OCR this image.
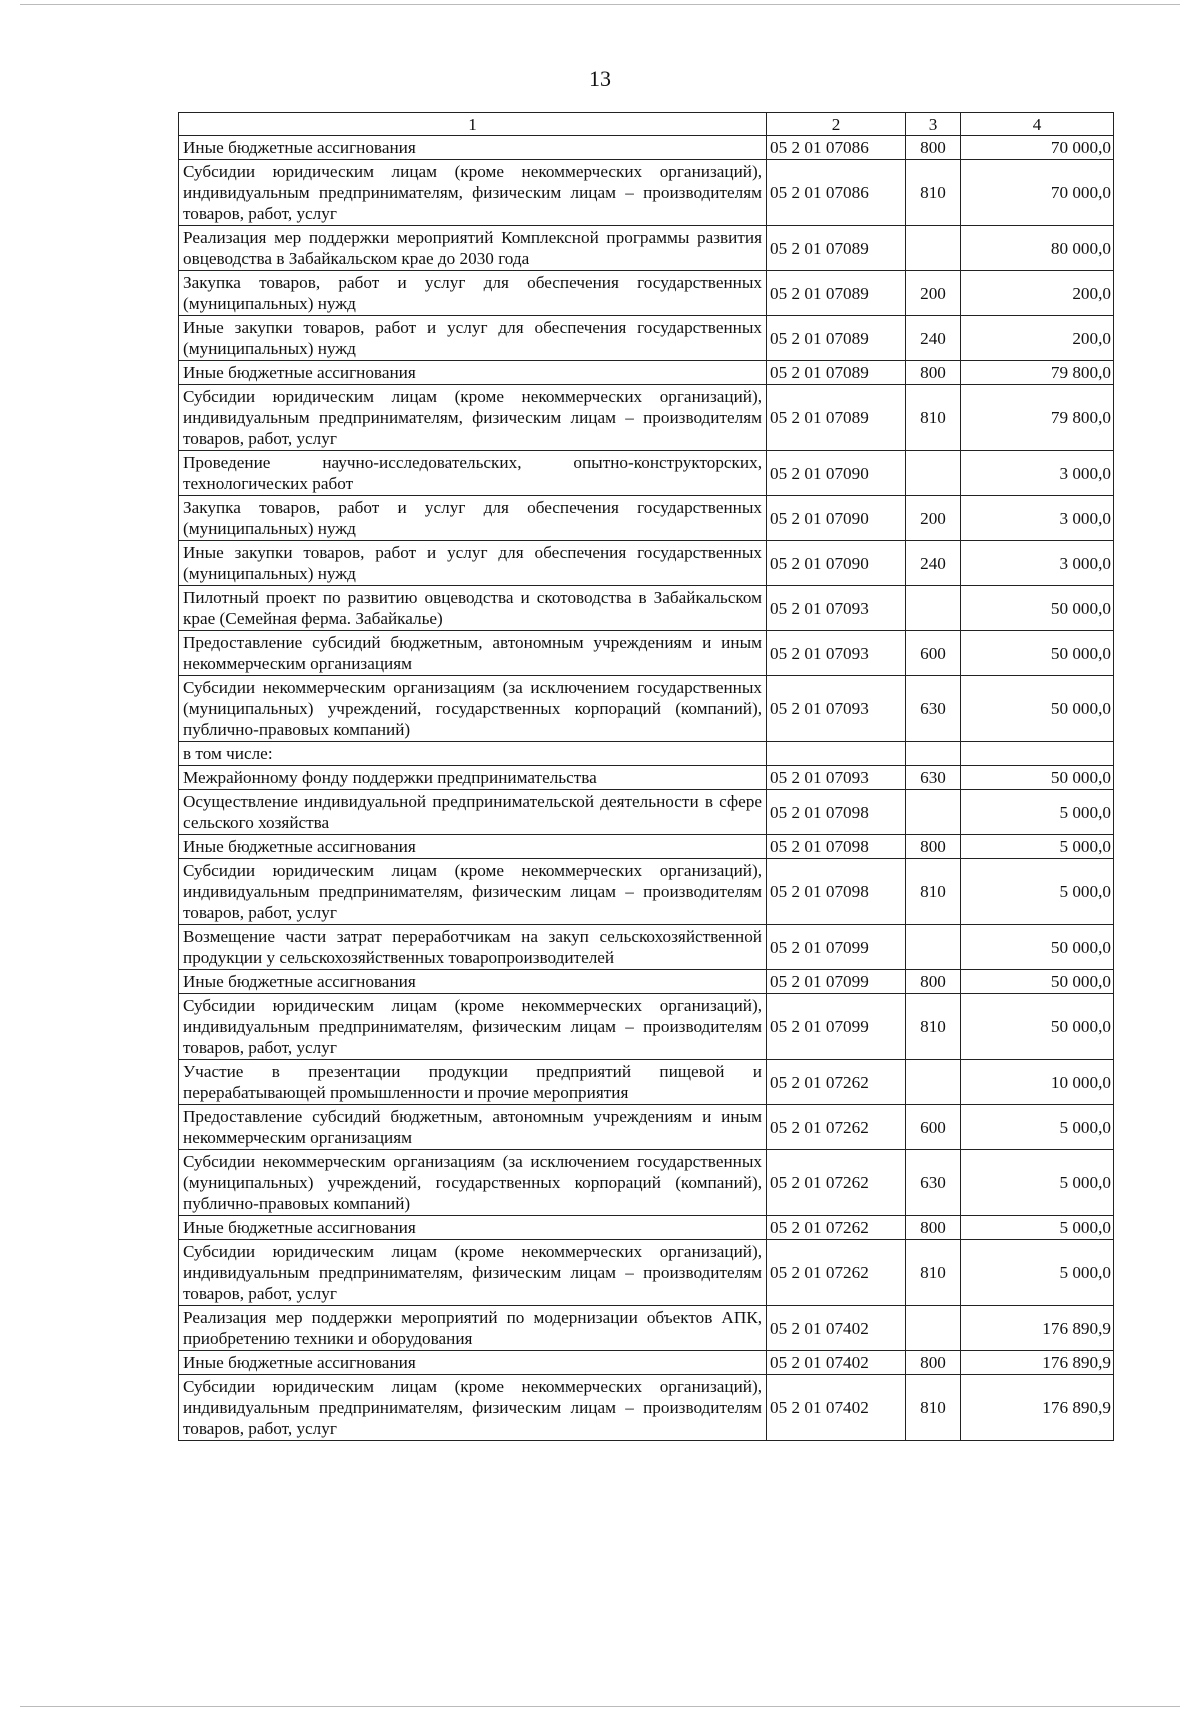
13
1	2	3	4
Иные бюджетные ассигнования	05 2 01 07086	800	70 000,0
Субсидии юридическим лицам (кроме некоммерческих организаций), индивидуальным предпринимателям, физическим лицам – производителям товаров, работ, услуг	05 2 01 07086	810	70 000,0
Реализация мер поддержки мероприятий Комплексной программы развития овцеводства в Забайкальском крае до 2030 года	05 2 01 07089		80 000,0
Закупка товаров, работ и услуг для обеспечения государственных (муниципальных) нужд	05 2 01 07089	200	200,0
Иные закупки товаров, работ и услуг для обеспечения государственных (муниципальных) нужд	05 2 01 07089	240	200,0
Иные бюджетные ассигнования	05 2 01 07089	800	79 800,0
Субсидии юридическим лицам (кроме некоммерческих организаций), индивидуальным предпринимателям, физическим лицам – производителям товаров, работ, услуг	05 2 01 07089	810	79 800,0
Проведение научно-исследовательских, опытно-конструкторских, технологических работ	05 2 01 07090		3 000,0
Закупка товаров, работ и услуг для обеспечения государственных (муниципальных) нужд	05 2 01 07090	200	3 000,0
Иные закупки товаров, работ и услуг для обеспечения государственных (муниципальных) нужд	05 2 01 07090	240	3 000,0
Пилотный проект по развитию овцеводства и скотоводства в Забайкальском крае (Семейная ферма. Забайкалье)	05 2 01 07093		50 000,0
Предоставление субсидий бюджетным, автономным учреждениям и иным некоммерческим организациям	05 2 01 07093	600	50 000,0
Субсидии некоммерческим организациям (за исключением государственных (муниципальных) учреждений, государственных корпораций (компаний), публично-правовых компаний)	05 2 01 07093	630	50 000,0
в том числе:			
Межрайонному фонду поддержки предпринимательства	05 2 01 07093	630	50 000,0
Осуществление индивидуальной предпринимательской деятельности в сфере сельского хозяйства	05 2 01 07098		5 000,0
Иные бюджетные ассигнования	05 2 01 07098	800	5 000,0
Субсидии юридическим лицам (кроме некоммерческих организаций), индивидуальным предпринимателям, физическим лицам – производителям товаров, работ, услуг	05 2 01 07098	810	5 000,0
Возмещение части затрат переработчикам на закуп сельскохозяйственной продукции у сельскохозяйственных товаропроизводителей	05 2 01 07099		50 000,0
Иные бюджетные ассигнования	05 2 01 07099	800	50 000,0
Субсидии юридическим лицам (кроме некоммерческих организаций), индивидуальным предпринимателям, физическим лицам – производителям товаров, работ, услуг	05 2 01 07099	810	50 000,0
Участие в презентации продукции предприятий пищевой и перерабатывающей промышленности и прочие мероприятия	05 2 01 07262		10 000,0
Предоставление субсидий бюджетным, автономным учреждениям и иным некоммерческим организациям	05 2 01 07262	600	5 000,0
Субсидии некоммерческим организациям (за исключением государственных (муниципальных) учреждений, государственных корпораций (компаний), публично-правовых компаний)	05 2 01 07262	630	5 000,0
Иные бюджетные ассигнования	05 2 01 07262	800	5 000,0
Субсидии юридическим лицам (кроме некоммерческих организаций), индивидуальным предпринимателям, физическим лицам – производителям товаров, работ, услуг	05 2 01 07262	810	5 000,0
Реализация мер поддержки мероприятий по модернизации объектов АПК, приобретению техники и оборудования	05 2 01 07402		176 890,9
Иные бюджетные ассигнования	05 2 01 07402	800	176 890,9
Субсидии юридическим лицам (кроме некоммерческих организаций), индивидуальным предпринимателям, физическим лицам – производителям товаров, работ, услуг	05 2 01 07402	810	176 890,9
